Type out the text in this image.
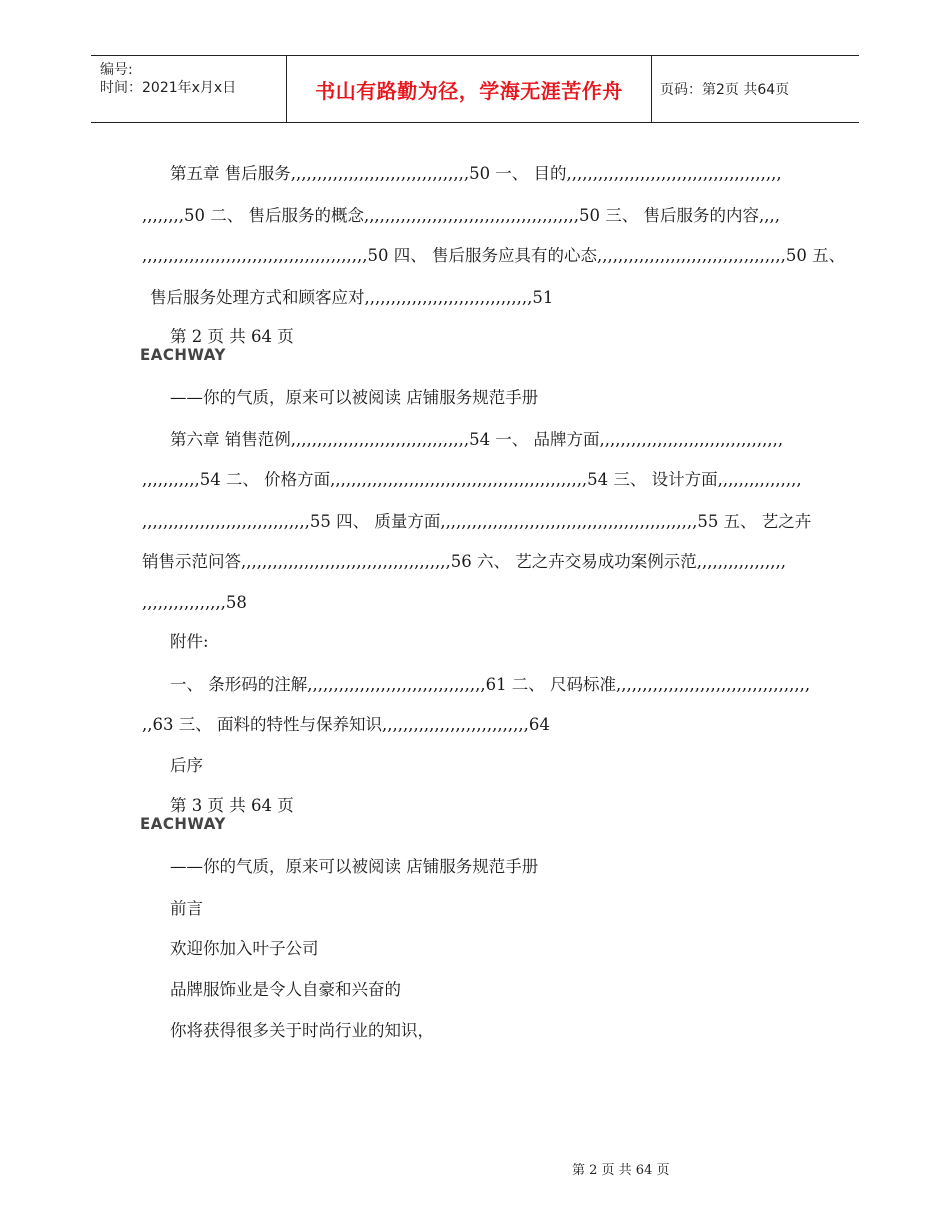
编号:
时间：2021年x月x日	书山有路勤为径，学海无涯苦作舟	页码：第2页 共64页
第五章 售后服务,,,,,,,,,,,,,,,,,,,,,,,,,,,,,,,,,,50 一、 目的,,,,,,,,,,,,,,,,,,,,,,,,,,,,,,,,,,,,,,,,,
,,,,,,,,50 二、 售后服务的概念,,,,,,,,,,,,,,,,,,,,,,,,,,,,,,,,,,,,,,,,,50 三、 售后服务的内容,,,,
,,,,,,,,,,,,,,,,,,,,,,,,,,,,,,,,,,,,,,,,,,,50 四、 售后服务应具有的心态,,,,,,,,,,,,,,,,,,,,,,,,,,,,,,,,,,,,50 五、
售后服务处理方式和顾客应对,,,,,,,,,,,,,,,,,,,,,,,,,,,,,,,,51
第 2 页 共 64 页
EACHWAY
——你的气质，原来可以被阅读 店铺服务规范手册
第六章 销售范例,,,,,,,,,,,,,,,,,,,,,,,,,,,,,,,,,,54 一、 品牌方面,,,,,,,,,,,,,,,,,,,,,,,,,,,,,,,,,,,
,,,,,,,,,,,54 二、 价格方面,,,,,,,,,,,,,,,,,,,,,,,,,,,,,,,,,,,,,,,,,,,,,,,,,54 三、 设计方面,,,,,,,,,,,,,,,,
,,,,,,,,,,,,,,,,,,,,,,,,,,,,,,,,55 四、 质量方面,,,,,,,,,,,,,,,,,,,,,,,,,,,,,,,,,,,,,,,,,,,,,,,,,55 五、 艺之卉
销售示范问答,,,,,,,,,,,,,,,,,,,,,,,,,,,,,,,,,,,,,,,,56 六、 艺之卉交易成功案例示范,,,,,,,,,,,,,,,,,
,,,,,,,,,,,,,,,,58
附件:
一、 条形码的注解,,,,,,,,,,,,,,,,,,,,,,,,,,,,,,,,,,61 二、 尺码标准,,,,,,,,,,,,,,,,,,,,,,,,,,,,,,,,,,,,,
,,63 三、 面料的特性与保养知识,,,,,,,,,,,,,,,,,,,,,,,,,,,,64
后序
第 3 页 共 64 页
EACHWAY
——你的气质，原来可以被阅读 店铺服务规范手册
前言
欢迎你加入叶子公司
品牌服饰业是令人自豪和兴奋的
你将获得很多关于时尚行业的知识，
第 2 页 共 64 页
